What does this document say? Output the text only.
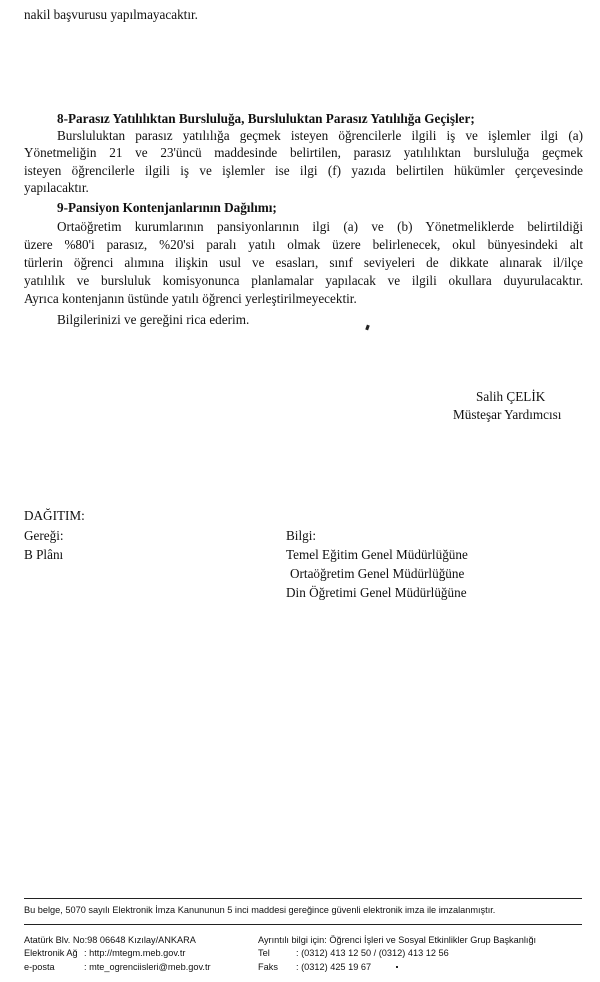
nakil başvurusu yapılmayacaktır.
8-Parasız Yatılılıktan Bursluluğa, Bursluluktan Parasız Yatılılığa Geçişler;
Bursluluktan parasız yatılılığa geçmek isteyen öğrencilerle ilgili iş ve işlemler ilgi (a)
Yönetmeliğin 21 ve 23'üncü maddesinde belirtilen, parasız yatılılıktan bursluluğa geçmek
isteyen öğrencilerle ilgili iş ve işlemler ise ilgi (f) yazıda belirtilen hükümler çerçevesinde
yapılacaktır.
9-Pansiyon Kontenjanlarının Dağılımı;
Ortaöğretim kurumlarının pansiyonlarının ilgi (a) ve (b) Yönetmeliklerde belirtildiği
üzere %80'i parasız, %20'si paralı yatılı olmak üzere belirlenecek, okul bünyesindeki alt
türlerin öğrenci alımına ilişkin usul ve esasları, sınıf seviyeleri de dikkate alınarak il/ilçe
yatılılık ve bursluluk komisyonunca planlamalar yapılacak ve ilgili okullara duyurulacaktır.
Ayrıca kontenjanın üstünde yatılı öğrenci yerleştirilmeyecektir.
Bilgilerinizi ve gereğini rica ederim.
Salih ÇELİK
Müsteşar Yardımcısı
DAĞITIM:
Gereği:
B Plânı
Bilgi:
Temel Eğitim Genel Müdürlüğüne
Ortaöğretim Genel Müdürlüğüne
Din Öğretimi Genel Müdürlüğüne
Bu belge, 5070 sayılı Elektronik İmza Kanununun 5 inci maddesi gereğince güvenli elektronik imza ile imzalanmıştır.
Atatürk Blv. No:98 06648 Kızılay/ANKARA
Elektronik Ağ : http://mtegm.meb.gov.tr
e-posta	: mte_ogrenciisleri@meb.gov.tr
Ayrıntılı bilgi için: Öğrenci İşleri ve Sosyal Etkinlikler Grup Başkanlığı
Tel	: (0312) 413 12 50 / (0312) 413 12 56
Faks : (0312) 425 19 67
